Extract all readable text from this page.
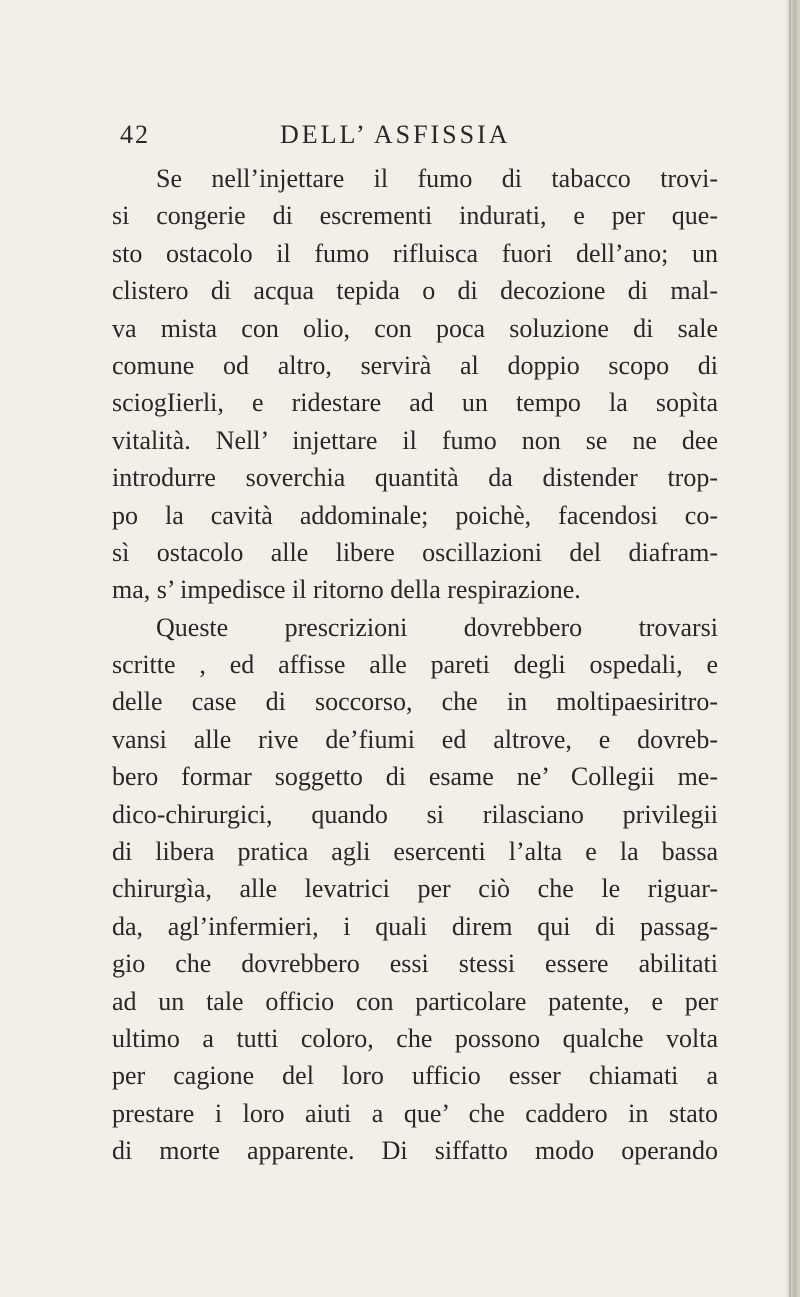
42	DELL’ ASFISSIA
Se nell’injettare il fumo di tabacco trovi-
si congerie di escrementi indurati, e per que-
sto ostacolo il fumo rifluisca fuori dell’ano; un
clistero di acqua tepida o di decozione di mal-
va mista con olio, con poca soluzione di sale
comune od altro, servirà al doppio scopo di
sciogIierli, e ridestare ad un tempo la sopìta
vitalità. Nell’ injettare il fumo non se ne dee
introdurre soverchia quantità da distender trop-
po la cavità addominale; poichè, facendosi co-
sì ostacolo alle libere oscillazioni del diafram-
ma, s’ impedisce il ritorno della respirazione.
Queste prescrizioni dovrebbero trovarsi
scritte , ed affisse alle pareti degli ospedali, e
delle case di soccorso, che in moltipaesiritro-
vansi alle rive de’fiumi ed altrove, e dovreb-
bero formar soggetto di esame ne’ Collegii me-
dico-chirurgici, quando si rilasciano privilegii
di libera pratica agli esercenti l’alta e la bassa
chirurgìa, alle levatrici per ciò che le riguar-
da, agl’infermieri, i quali direm qui di passag-
gio che dovrebbero essi stessi essere abilitati
ad un tale officio con particolare patente, e per
ultimo a tutti coloro, che possono qualche volta
per cagione del loro ufficio esser chiamati a
prestare i loro aiuti a que’ che caddero in stato
di morte apparente. Di siffatto modo operando
